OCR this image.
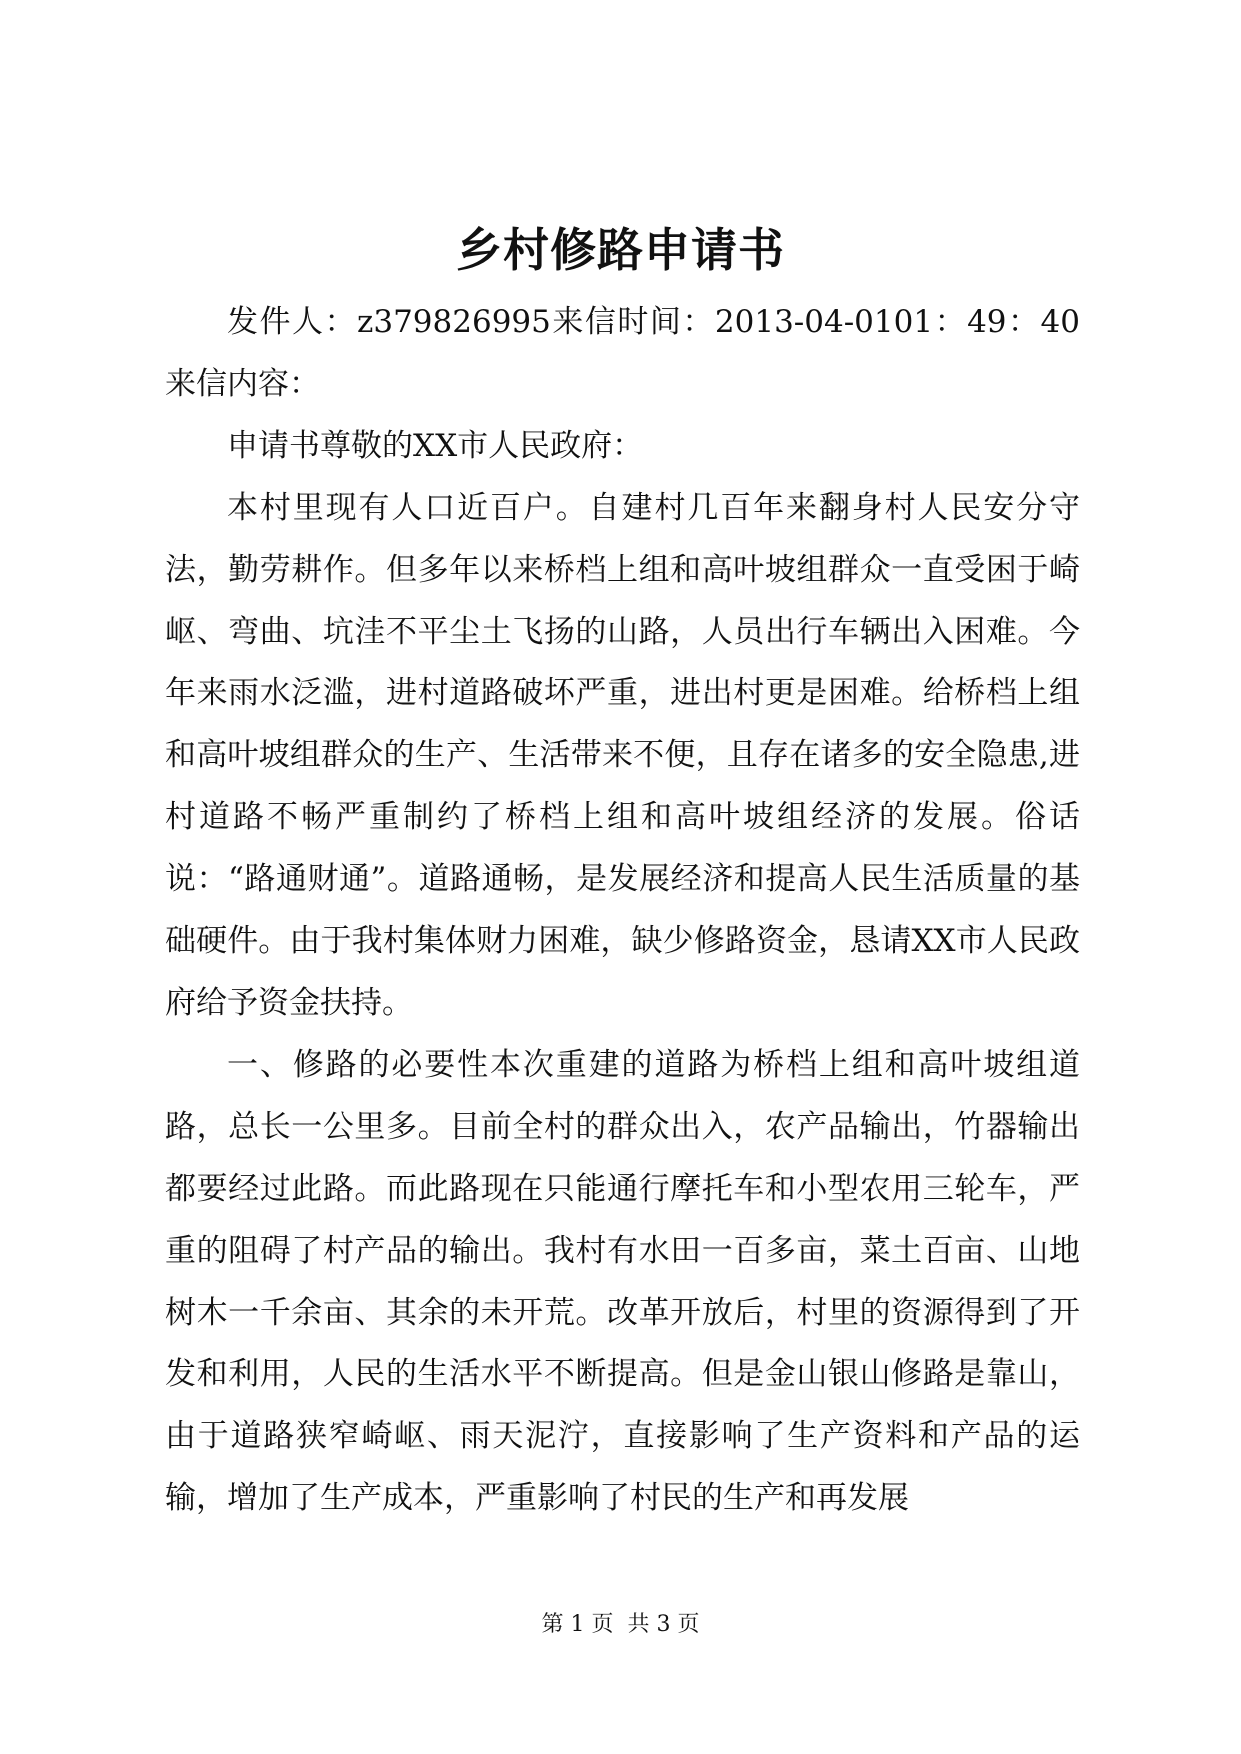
乡村修路申请书

发件人：z379826995来信时间：2013-04-0101：49：40来信内容：

申请书尊敬的XX市人民政府：

本村里现有人口近百户。自建村几百年来翻身村人民安分守法，勤劳耕作。但多年以来桥档上组和高叶坡组群众一直受困于崎岖、弯曲、坑洼不平尘土飞扬的山路，人员出行车辆出入困难。今年来雨水泛滥，进村道路破坏严重，进出村更是困难。给桥档上组和高叶坡组群众的生产、生活带来不便，且存在诸多的安全隐患,进村道路不畅严重制约了桥档上组和高叶坡组经济的发展。俗话说：“路通财通”。道路通畅，是发展经济和提高人民生活质量的基础硬件。由于我村集体财力困难，缺少修路资金，恳请XX市人民政府给予资金扶持。

一、修路的必要性本次重建的道路为桥档上组和高叶坡组道路，总长一公里多。目前全村的群众出入，农产品输出，竹器输出都要经过此路。而此路现在只能通行摩托车和小型农用三轮车，严重的阻碍了村产品的输出。我村有水田一百多亩，菜土百亩、山地树木一千余亩、其余的未开荒。改革开放后，村里的资源得到了开发和利用，人民的生活水平不断提高。但是金山银山修路是靠山，由于道路狭窄崎岖、雨天泥泞，直接影响了生产资料和产品的运输，增加了生产成本，严重影响了村民的生产和再发展

第 1 页  共 3 页
